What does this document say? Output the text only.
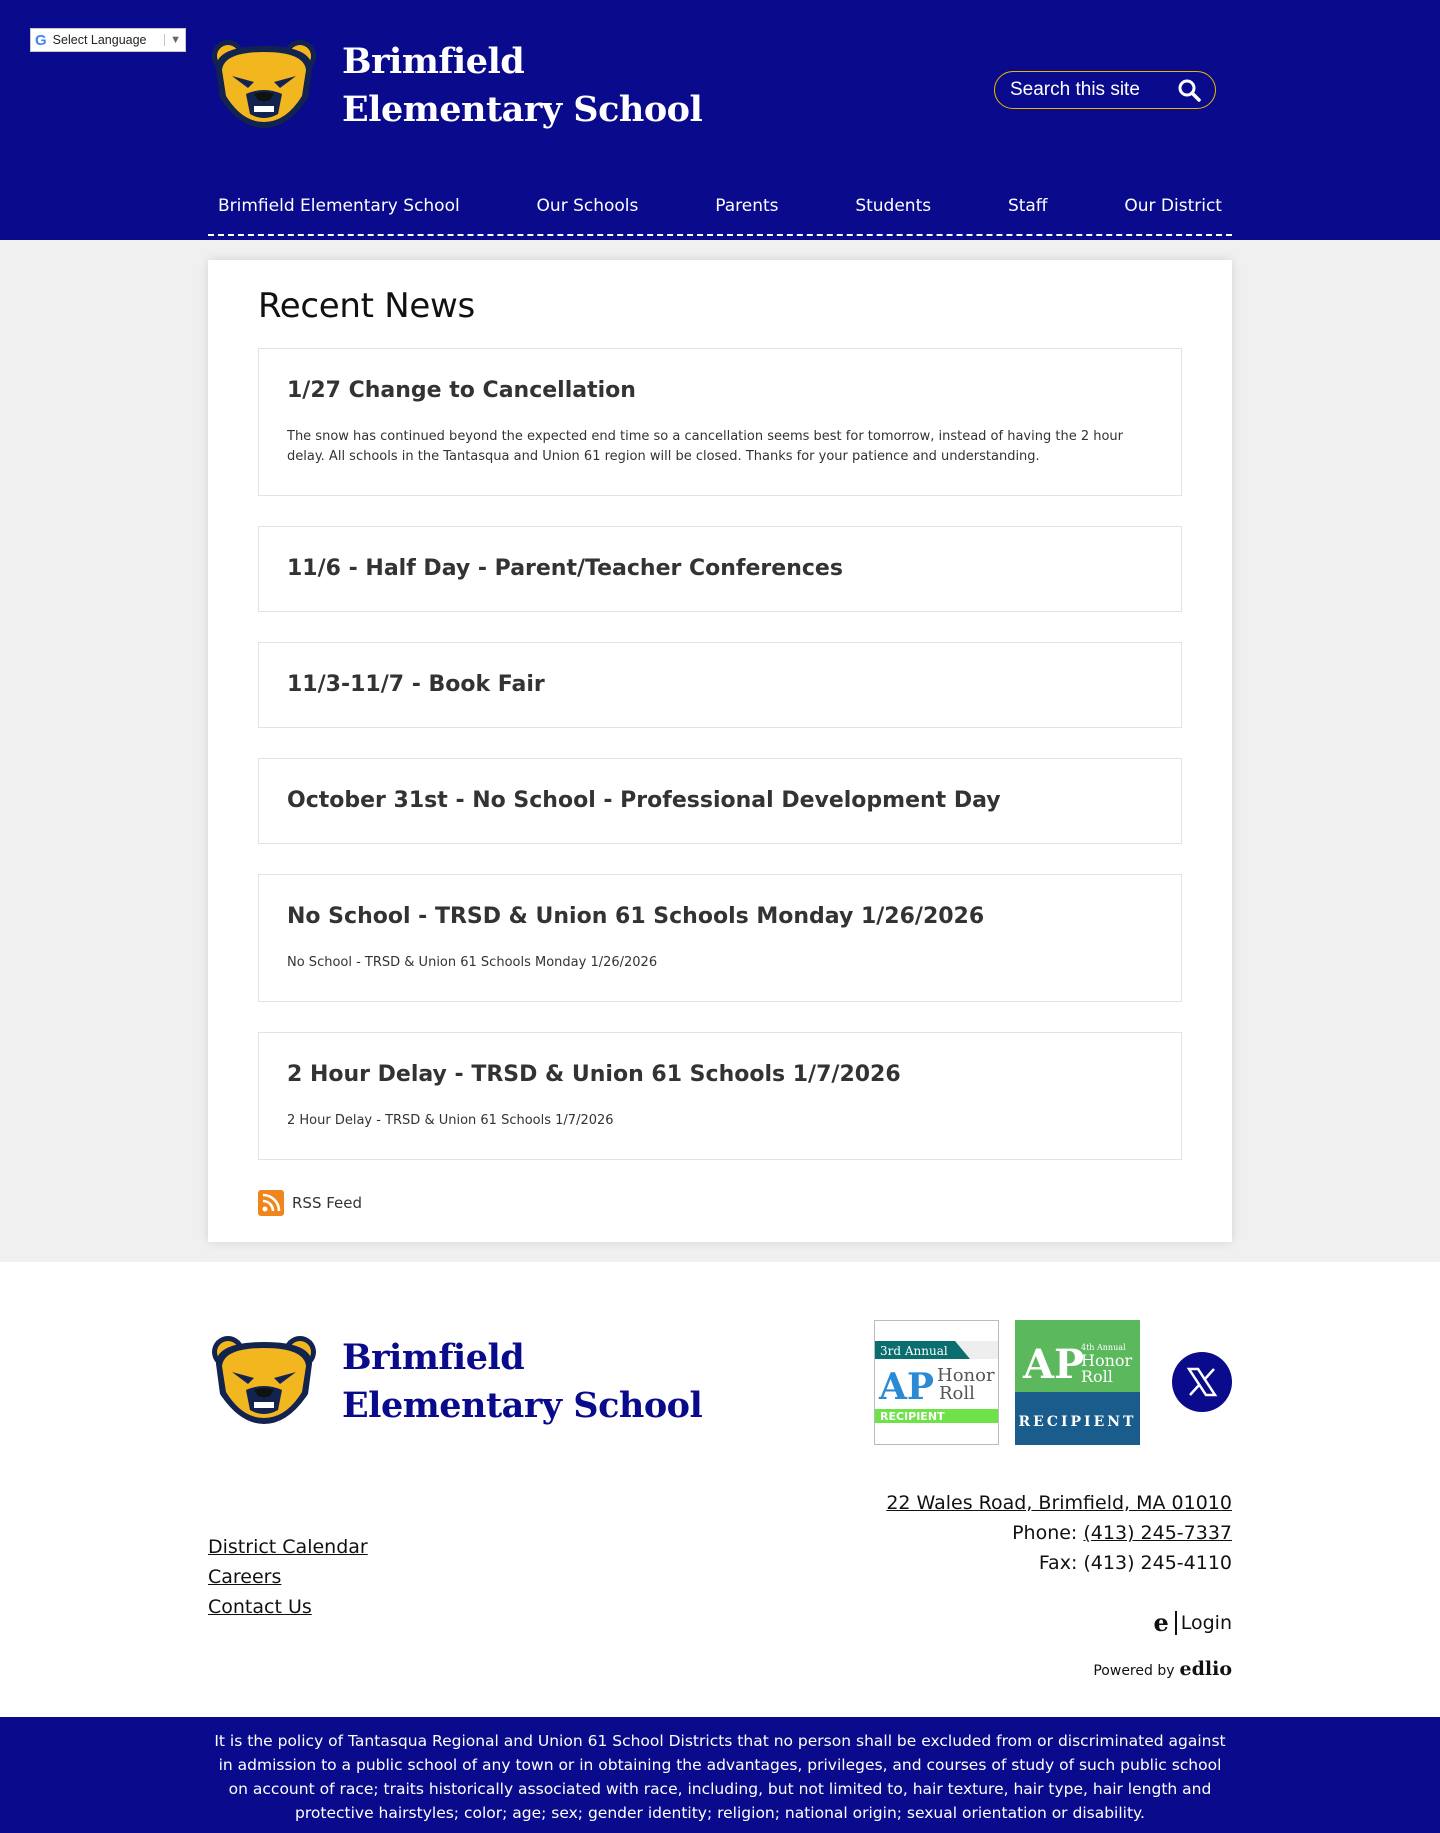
G Select Language	▼
Brimfield
Elementary School
Search this site
Brimfield Elementary School	Our Schools	Parents	Students	Staff	Our District
Recent News
1/27 Change to Cancellation

The snow has continued beyond the expected end time so a cancellation seems best for tomorrow, instead of having the 2 hour delay. All schools in the Tantasqua and Union 61 region will be closed. Thanks for your patience and understanding.

11/6 - Half Day - Parent/Teacher Conferences
11/3-11/7 - Book Fair
October 31st - No School - Professional Development Day
No School - TRSD & Union 61 Schools Monday 1/26/2026

No School - TRSD & Union 61 Schools Monday 1/26/2026

2 Hour Delay - TRSD & Union 61 Schools 1/7/2026

2 Hour Delay - TRSD & Union 61 Schools 1/7/2026

RSS Feed
Brimfield
Elementary School
3rd Annual
AP Honor
Roll
RECIPIENT
AP
4th Annual
Honor
Roll
RECIPIENT
District Calendar
Careers
Contact Us
22 Wales Road, Brimfield, MA 01010
Phone: (413) 245-7337
Fax: (413) 245-4110
e Login
Powered by edlio
It is the policy of Tantasqua Regional and Union 61 School Districts that no person shall be excluded from or discriminated against in admission to a public school of any town or in obtaining the advantages, privileges, and courses of study of such public school on account of race; traits historically associated with race, including, but not limited to, hair texture, hair type, hair length and protective hairstyles; color; age; sex; gender identity; religion; national origin; sexual orientation or disability.
